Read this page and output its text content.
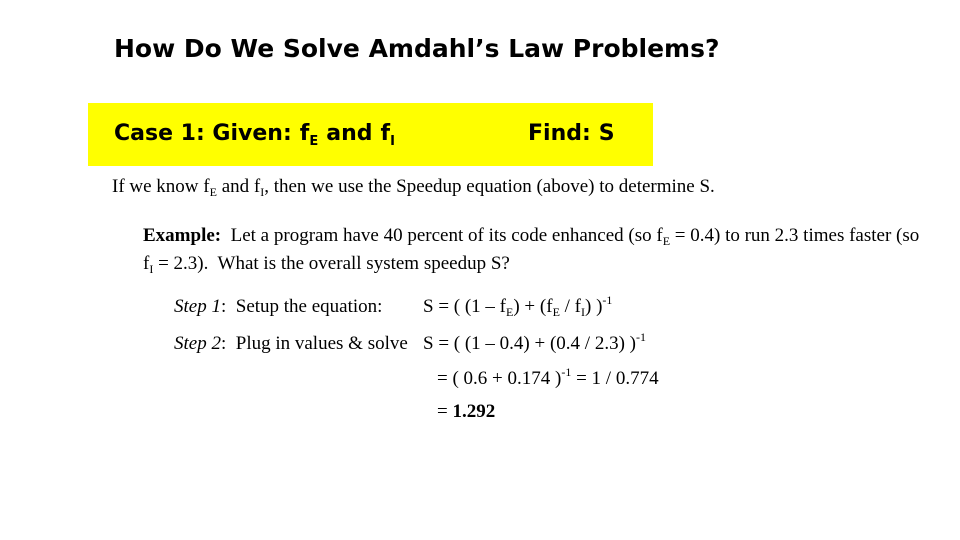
How Do We Solve Amdahl’s Law Problems?
Case 1: Given: $f_E$ and $f_I$	Find: S
If we know $f_E$ and $f_I$, then we use the Speedup equation (above) to determine S.
Example:  Let a program have 40 percent of its code enhanced (so $f_E = 0.4$) to run 2.3 times faster (so
$f_I = 2.3$).  What is the overall system speedup S?
Step 1:  Setup the equation: S = ( $(1 - f_E) + (f_E / f_I)$ )$^{-1}$
Step 2:  Plug in values & solve S = ( (1 – 0.4) + (0.4 / 2.3) )$^{-1}$
= ( 0.6 + 0.174 )$^{-1}$ = 1 / 0.774
= 1.292
